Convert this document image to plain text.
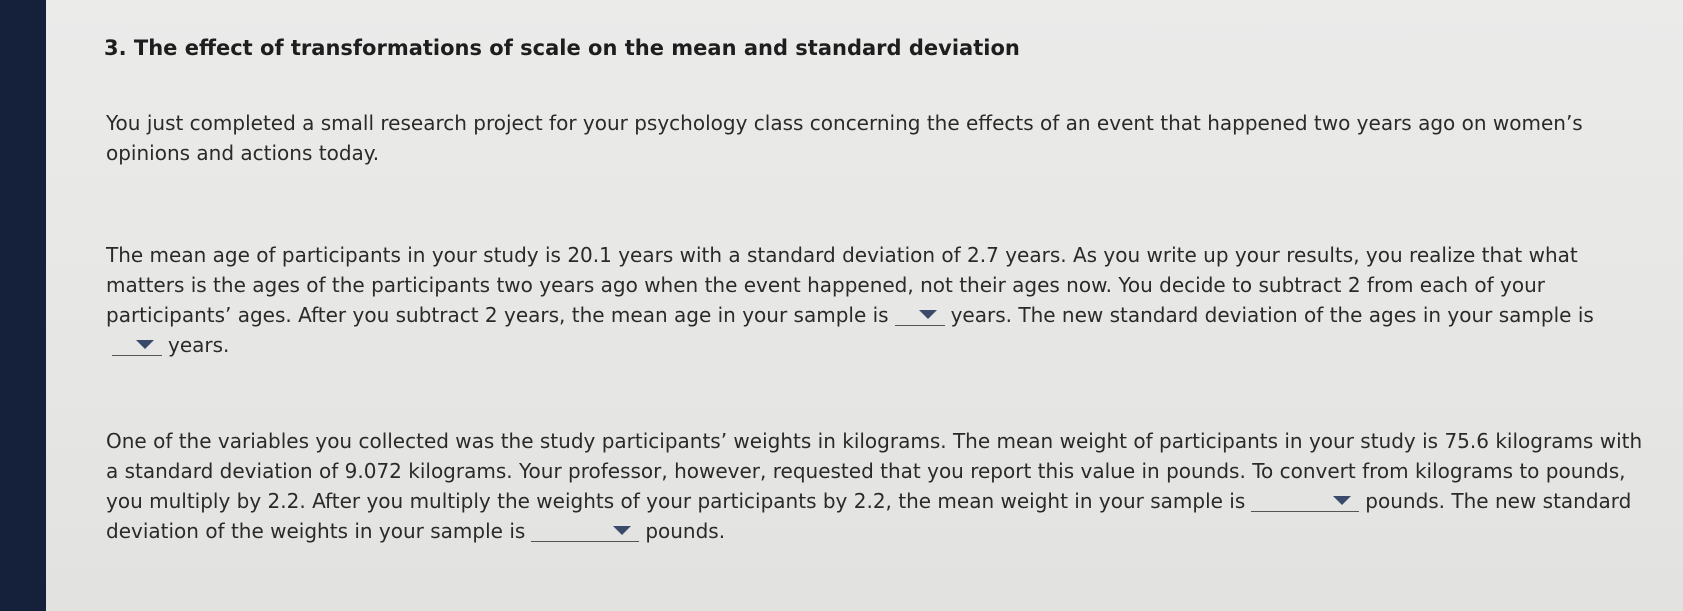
3. The effect of transformations of scale on the mean and standard deviation

You just completed a small research project for your psychology class concerning the effects of an event that happened two years ago on women’s opinions and actions today.

The mean age of participants in your study is 20.1 years with a standard deviation of 2.7 years. As you write up your results, you realize that what matters is the ages of the participants two years ago when the event happened, not their ages now. You decide to subtract 2 from each of your participants’ ages. After you subtract 2 years, the mean age in your sample is	years. The new standard deviation of the ages in your sample is
years.

One of the variables you collected was the study participants’ weights in kilograms. The mean weight of participants in your study is 75.6 kilograms with a standard deviation of 9.072 kilograms. Your professor, however, requested that you report this value in pounds. To convert from kilograms to pounds, you multiply by 2.2. After you multiply the weights of your participants by 2.2, the mean weight in your sample is	pounds. The new standard deviation of the weights in your sample is	pounds.
